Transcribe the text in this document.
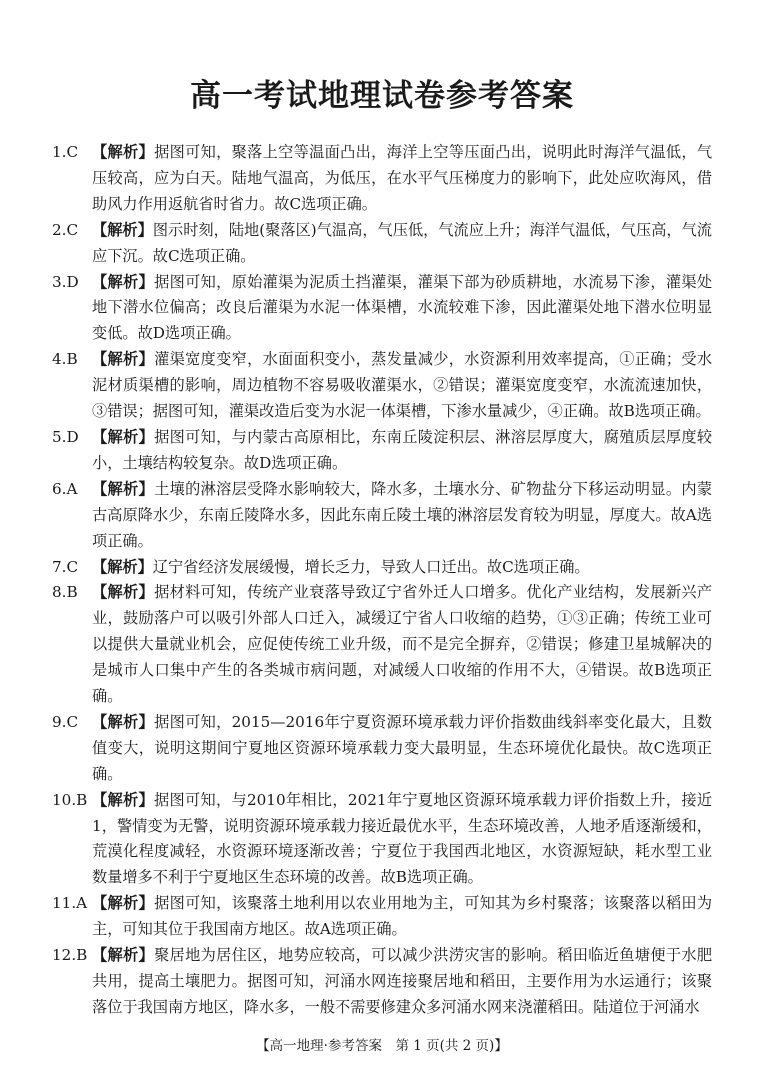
高一考试地理试卷参考答案
1.C 【 解析 】 据图可知，聚落上空等温面凸出，海洋上空等压面凸出，说明此时海洋气温低，气压较高，应为白天。陆地气温高，为低压，在水平气压梯度力的影响下，此处应吹海风，借助风力作用返航省时省力。故C选项正确。
2.C 【 解析 】 图示时刻，陆地(聚落区)气温高，气压低，气流应上升；海洋气温低，气压高，气流应下沉。故C选项正确。
3.D 【 解析 】 据图可知，原始灌渠为泥质土挡灌渠，灌渠下部为砂质耕地，水流易下渗，灌渠处地下潜水位偏高；改良后灌渠为水泥一体渠槽，水流较难下渗，因此灌渠处地下潜水位明显变低。故D选项正确。
4.B 【 解析 】 灌渠宽度变窄，水面面积变小，蒸发量减少，水资源利用效率提高，①正确；受水泥材质渠槽的影响，周边植物不容易吸收灌渠水，②错误；灌渠宽度变窄，水流流速加快，③错误；据图可知，灌渠改造后变为水泥一体渠槽，下渗水量减少，④正确。故B选项正确。
5.D 【 解析 】 据图可知，与内蒙古高原相比，东南丘陵淀积层、淋溶层厚度大，腐殖质层厚度较小，土壤结构较复杂。故D选项正确。
6.A 【 解析 】 土壤的淋溶层受降水影响较大，降水多，土壤水分、矿物盐分下移运动明显。内蒙古高原降水少，东南丘陵降水多，因此东南丘陵土壤的淋溶层发育较为明显，厚度大。故A选项正确。
7.C 【 解析 】 辽宁省经济发展缓慢，增长乏力，导致人口迁出。故C选项正确。
8.B 【 解析 】 据材料可知，传统产业衰落导致辽宁省外迁人口增多。优化产业结构，发展新兴产业，鼓励落户可以吸引外部人口迁入，减缓辽宁省人口收缩的趋势，①③正确；传统工业可以提供大量就业机会，应促使传统工业升级，而不是完全摒弃，②错误；修建卫星城解决的是城市人口集中产生的各类城市病问题，对减缓人口收缩的作用不大，④错误。故B选项正确。
9.C 【 解析 】 据图可知，2015—2016年宁夏资源环境承载力评价指数曲线斜率变化最大，且数值变大，说明这期间宁夏地区资源环境承载力变大最明显，生态环境优化最快。故C选项正确。
10.B 【 解析 】 据图可知，与2010年相比，2021年宁夏地区资源环境承载力评价指数上升，接近1，警情变为无警，说明资源环境承载力接近最优水平，生态环境改善，人地矛盾逐渐缓和，荒漠化程度减轻，水资源环境逐渐改善；宁夏位于我国西北地区，水资源短缺，耗水型工业数量增多不利于宁夏地区生态环境的改善。故B选项正确。
11.A 【 解析 】 据图可知，该聚落土地利用以农业用地为主，可知其为乡村聚落；该聚落以稻田为主，可知其位于我国南方地区。故A选项正确。
12.B 【 解析 】 聚居地为居住区，地势应较高，可以减少洪涝灾害的影响。稻田临近鱼塘便于水肥共用，提高土壤肥力。据图可知，河涌水网连接聚居地和稻田，主要作用为水运通行；该聚落位于我国南方地区，降水多，一般不需要修建众多河涌水网来浇灌稻田。陆道位于河涌水
【高一地理·参考答案　第 1 页(共 2 页)】
